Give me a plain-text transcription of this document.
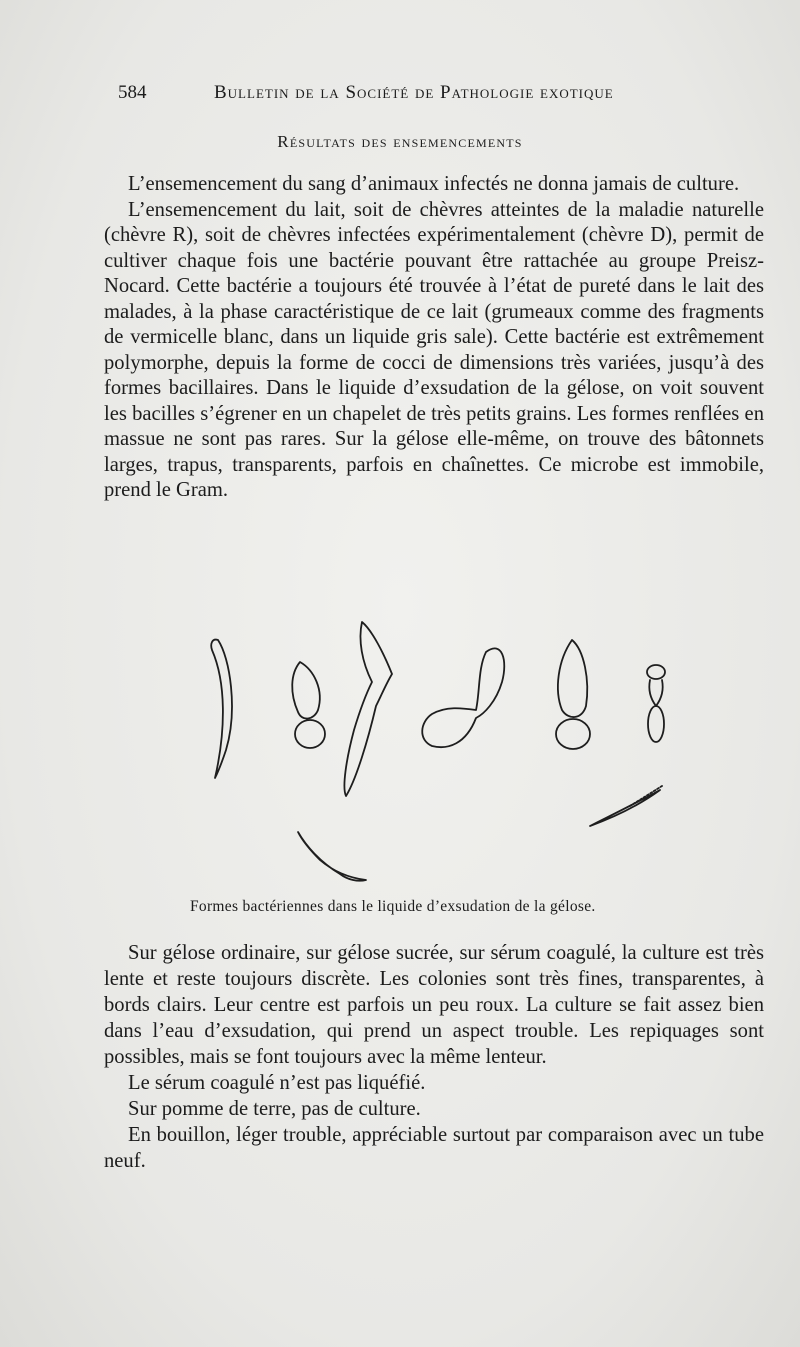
584	Bulletin de la Société de Pathologie exotique
Résultats des ensemencements

L’ensemencement du sang d’animaux infectés ne donna jamais de culture.

L’ensemencement du lait, soit de chèvres atteintes de la maladie naturelle (chèvre R), soit de chèvres infectées expérimentalement (chèvre D), permit de cultiver chaque fois une bactérie pouvant être rattachée au groupe Preisz-Nocard. Cette bactérie a toujours été trouvée à l’état de pureté dans le lait des malades, à la phase caractéristique de ce lait (grumeaux comme des fragments de vermicelle blanc, dans un liquide gris sale). Cette bactérie est extrêmement polymorphe, depuis la forme de cocci de dimensions très variées, jusqu’à des formes bacillaires. Dans le liquide d’exsudation de la gélose, on voit souvent les bacilles s’égrener en un chapelet de très petits grains. Les formes renflées en massue ne sont pas rares. Sur la gélose elle-même, on trouve des bâtonnets larges, trapus, transparents, parfois en chaînettes. Ce microbe est immobile, prend le Gram.

Formes bactériennes dans le liquide d’exsudation de la gélose.

Sur gélose ordinaire, sur gélose sucrée, sur sérum coagulé, la culture est très lente et reste toujours discrète. Les colonies sont très fines, transparentes, à bords clairs. Leur centre est parfois un peu roux. La culture se fait assez bien dans l’eau d’exsudation, qui prend un aspect trouble. Les repiquages sont possibles, mais se font toujours avec la même lenteur.

Le sérum coagulé n’est pas liquéfié.

Sur pomme de terre, pas de culture.

En bouillon, léger trouble, appréciable surtout par comparaison avec un tube neuf.
